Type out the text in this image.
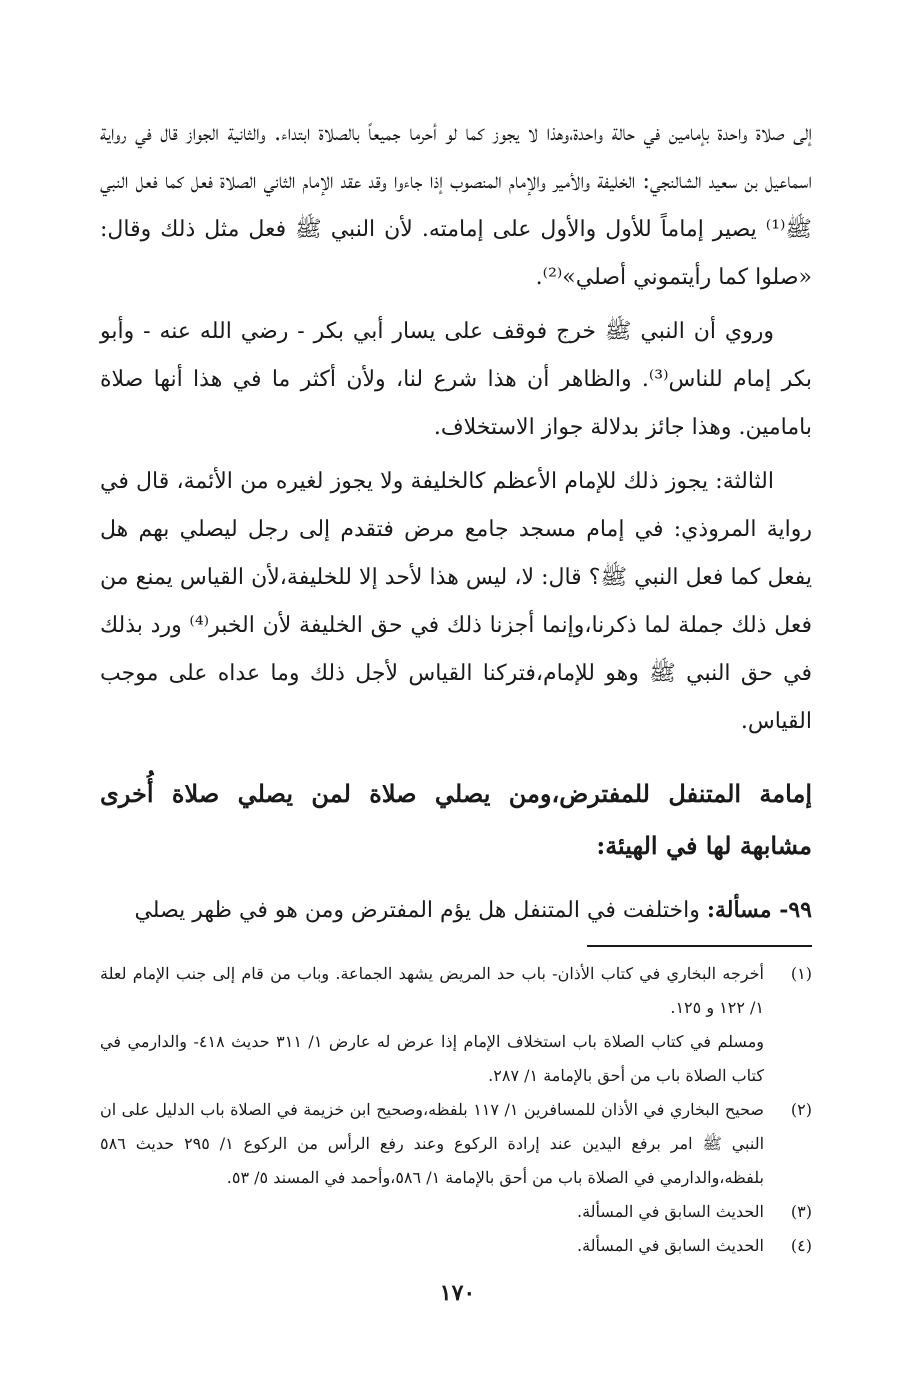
إلى صلاة واحدة بإمامين في حالة واحدة،وهذا لا يجوز كما لو أحرما جميعاً بالصلاة ابتداء. والثانية الجواز قال في رواية اسماعيل بن سعيد الشالنجي: الخليفة والأمير والإمام المنصوب إذا جاءوا وقد عقد الإمام الثاني الصلاة فعل كما فعل النبي ﷺ⁽¹⁾ يصير إماماً للأول والأول على إمامته. لأن النبي ﷺ فعل مثل ذلك وقال: «صلوا كما رأيتموني أصلي»⁽²⁾.

وروي أن النبي ﷺ خرج فوقف على يسار أبي بكر - رضي الله عنه - وأبو بكر إمام للناس⁽³⁾. والظاهر أن هذا شرع لنا، ولأن أكثر ما في هذا أنها صلاة بامامين. وهذا جائز بدلالة جواز الاستخلاف.

الثالثة: يجوز ذلك للإمام الأعظم كالخليفة ولا يجوز لغيره من الأئمة، قال في رواية المروذي: في إمام مسجد جامع مرض فتقدم إلى رجل ليصلي بهم هل يفعل كما فعل النبي ﷺ؟ قال: لا، ليس هذا لأحد إلا للخليفة،لأن القياس يمنع من فعل ذلك جملة لما ذكرنا،وإنما أجزنا ذلك في حق الخليفة لأن الخبر⁽⁴⁾ ورد بذلك في حق النبي ﷺ وهو للإمام،فتركنا القياس لأجل ذلك وما عداه على موجب القياس.

إمامة المتنفل للمفترض،ومن يصلي صلاة لمن يصلي صلاة أُخرى مشابهة لها في الهيئة:
٩٩- مسألة: واختلفت في المتنفل هل يؤم المفترض ومن هو في ظهر يصلي
(١)
أخرجه البخاري في كتاب الأذان- باب حد المريض يشهد الجماعة. وباب من قام إلى جنب الإمام لعلة ١/ ١٢٢ و ١٢٥.
ومسلم في كتاب الصلاة باب استخلاف الإمام إذا عرض له عارض ١/ ٣١١ حديث ٤١٨- والدارمي في كتاب الصلاة باب من أحق بالإمامة ١/ ٢٨٧.
(٢)
صحيح البخاري في الأذان للمسافرين ١/ ١١٧ بلفظه،وصحيح ابن خزيمة في الصلاة باب الدليل على ان النبي ﷺ امر برفع اليدين عند إرادة الركوع وعند رفع الرأس من الركوع ١/ ٢٩٥ حديث ٥٨٦ بلفظه،والدارمي في الصلاة باب من أحق بالإمامة ١/ ٥٨٦،وأحمد في المسند ٥/ ٥٣.
(٣)
الحديث السابق في المسألة.
(٤)
الحديث السابق في المسألة.
١٧٠
